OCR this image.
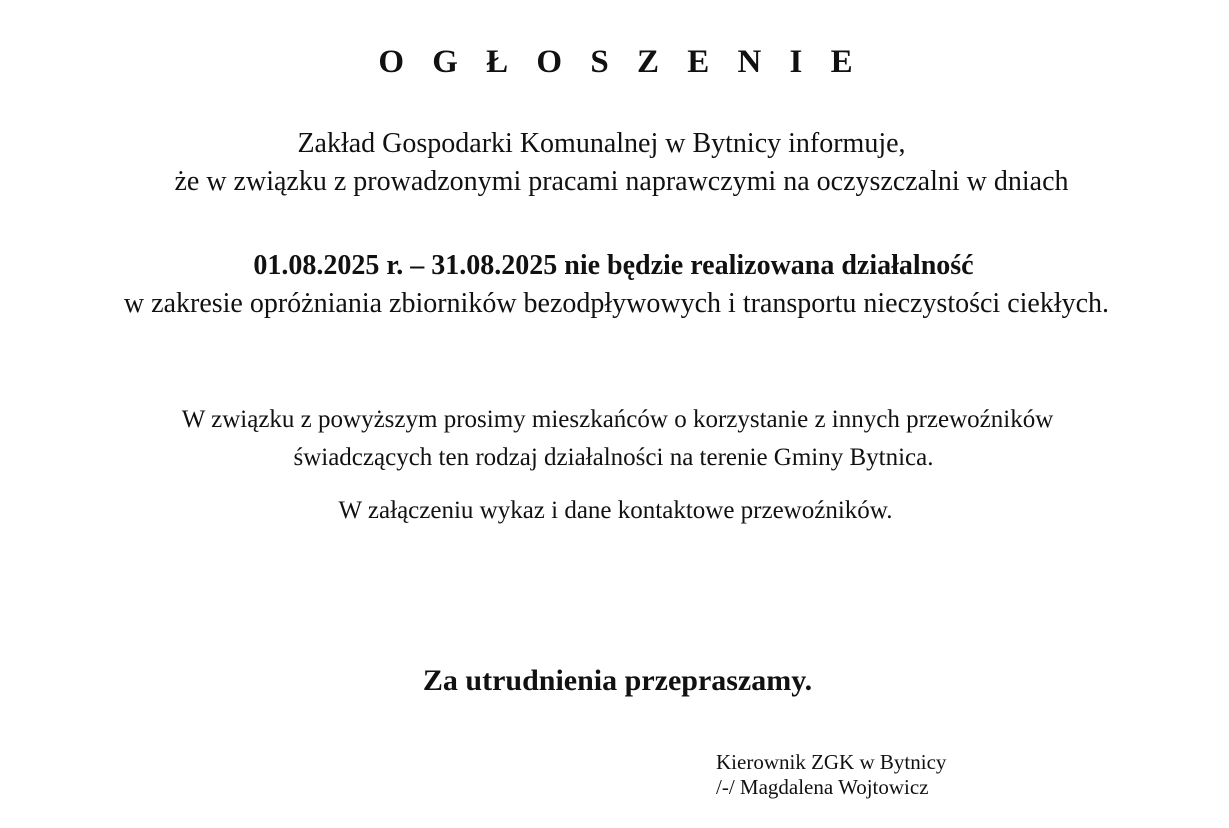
O G Ł O S Z E N I E

Zakład Gospodarki Komunalnej w Bytnicy informuje,

że w związku z prowadzonymi pracami naprawczymi na oczyszczalni w dniach

01.08.2025 r. – 31.08.2025 nie będzie realizowana działalność

w zakresie opróżniania zbiorników bezodpływowych i transportu nieczystości ciekłych.

W związku z powyższym prosimy mieszkańców o korzystanie z innych przewoźników

świadczących ten rodzaj działalności na terenie Gminy Bytnica.

W załączeniu wykaz i dane kontaktowe przewoźników.

Za utrudnienia przepraszamy.

Kierownik ZGK w Bytnicy
/-/ Magdalena Wojtowicz
